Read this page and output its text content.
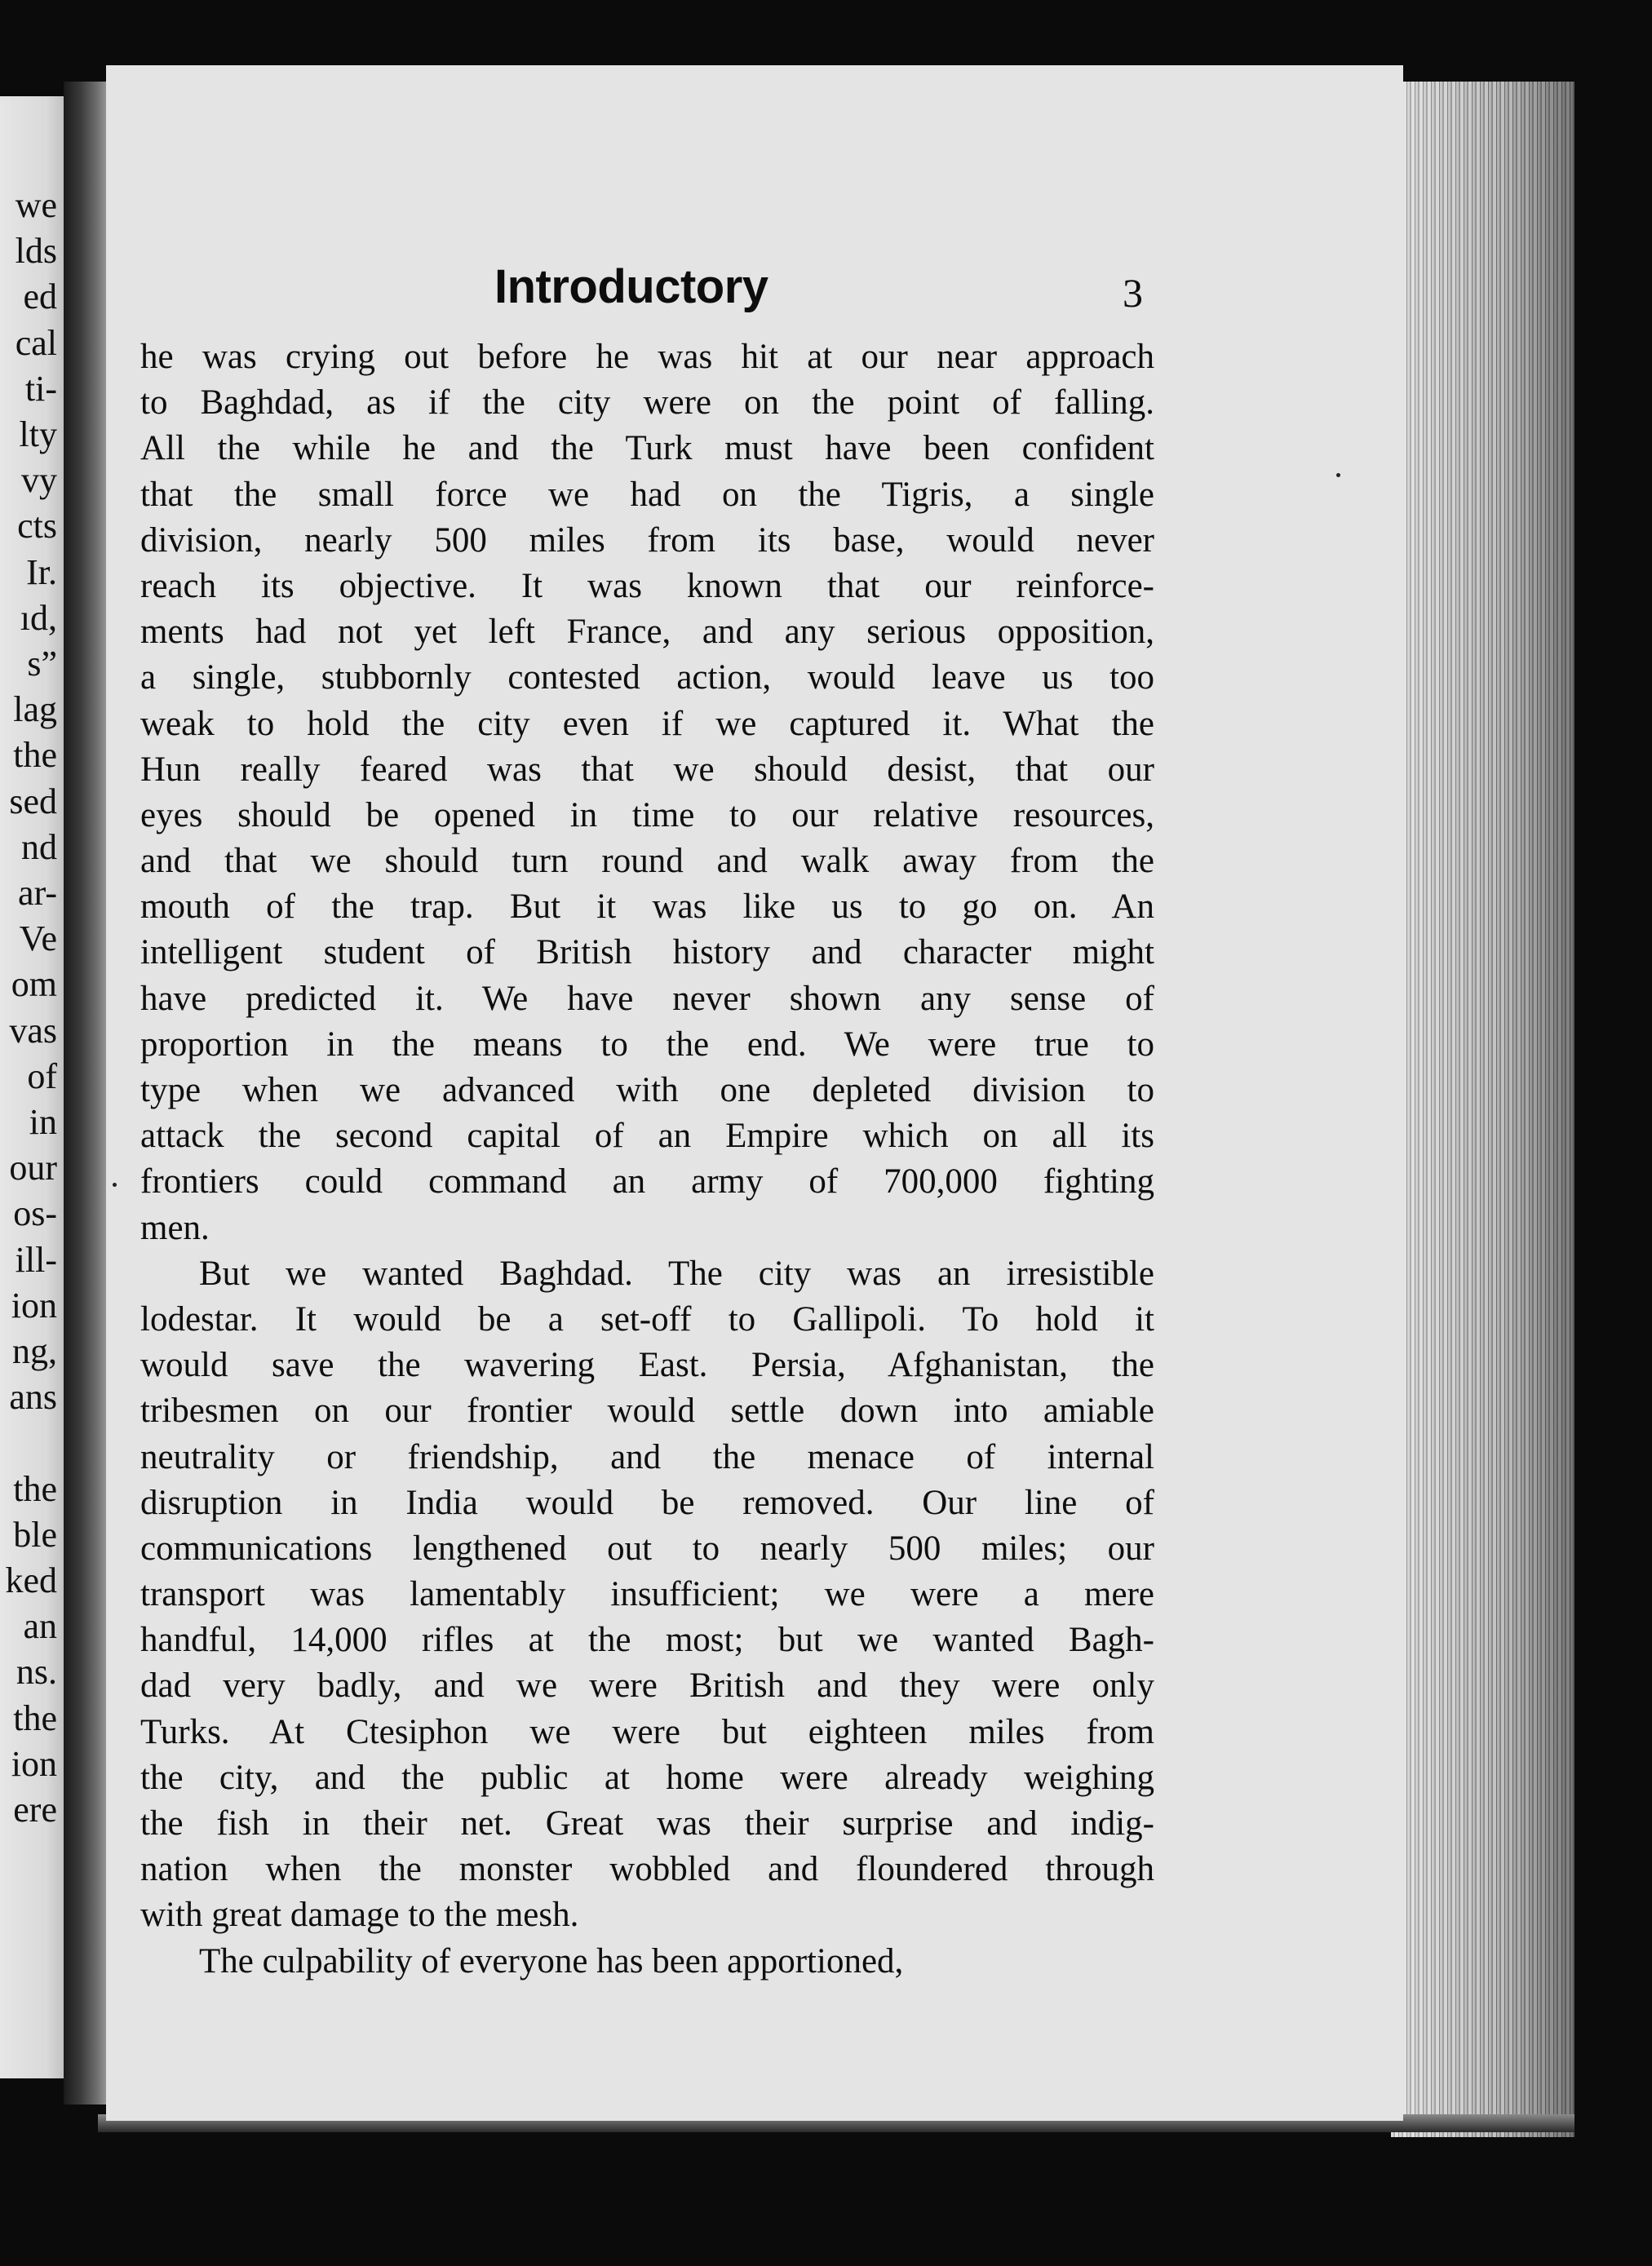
we
lds
ed
cal
ti-
lty
vy
cts
Ir.
ıd,
s”
lag
the
sed
nd
ar-
Ve
om
vas
of
in
our
os-
ill-
ion
ng,
ans
the
ble
ked
an
ns.
the
ion
ere
Introductory	3
he was crying out before he was hit at our near approach
to Baghdad, as if the city were on the point of falling.
All the while he and the Turk must have been confident
that the small force we had on the Tigris, a single
division, nearly 500 miles from its base, would never
reach its objective. It was known that our reinforce-
ments had not yet left France, and any serious opposition,
a single, stubbornly contested action, would leave us too
weak to hold the city even if we captured it. What the
Hun really feared was that we should desist, that our
eyes should be opened in time to our relative resources,
and that we should turn round and walk away from the
mouth of the trap. But it was like us to go on. An
intelligent student of British history and character might
have predicted it. We have never shown any sense of
proportion in the means to the end. We were true to
type when we advanced with one depleted division to
attack the second capital of an Empire which on all its
frontiers could command an army of 700,000 fighting
men.
But we wanted Baghdad. The city was an irresistible
lodestar. It would be a set-off to Gallipoli. To hold it
would save the wavering East. Persia, Afghanistan, the
tribesmen on our frontier would settle down into amiable
neutrality or friendship, and the menace of internal
disruption in India would be removed. Our line of
communications lengthened out to nearly 500 miles; our
transport was lamentably insufficient; we were a mere
handful, 14,000 rifles at the most; but we wanted Bagh-
dad very badly, and we were British and they were only
Turks. At Ctesiphon we were but eighteen miles from
the city, and the public at home were already weighing
the fish in their net. Great was their surprise and indig-
nation when the monster wobbled and floundered through
with great damage to the mesh.
The culpability of everyone has been apportioned,
